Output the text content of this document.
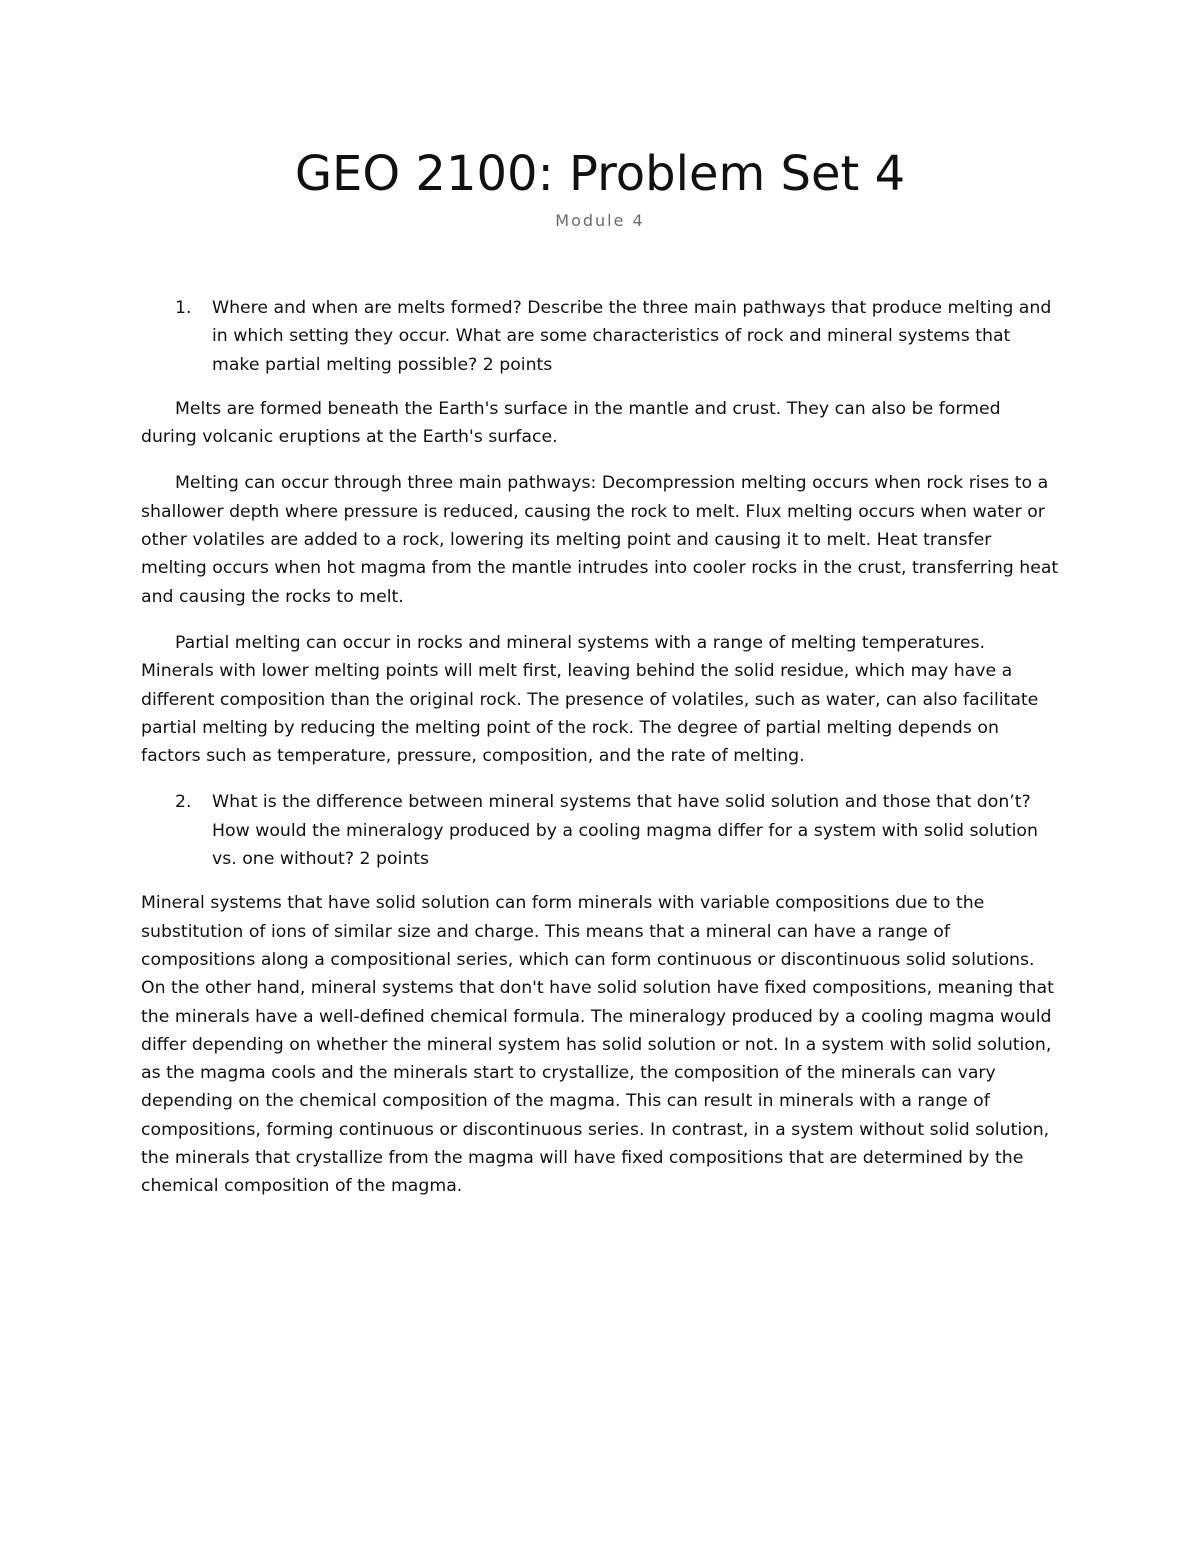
GEO 2100: Problem Set 4
Module 4
1. Where and when are melts formed? Describe the three main pathways that produce melting and in which setting they occur. What are some characteristics of rock and mineral systems that make partial melting possible? 2 points

Melts are formed beneath the Earth's surface in the mantle and crust. They can also be formed during volcanic eruptions at the Earth's surface.

Melting can occur through three main pathways: Decompression melting occurs when rock rises to a shallower depth where pressure is reduced, causing the rock to melt. Flux melting occurs when water or other volatiles are added to a rock, lowering its melting point and causing it to melt. Heat transfer melting occurs when hot magma from the mantle intrudes into cooler rocks in the crust, transferring heat and causing the rocks to melt.

Partial melting can occur in rocks and mineral systems with a range of melting temperatures. Minerals with lower melting points will melt first, leaving behind the solid residue, which may have a different composition than the original rock. The presence of volatiles, such as water, can also facilitate partial melting by reducing the melting point of the rock. The degree of partial melting depends on factors such as temperature, pressure, composition, and the rate of melting.

2. What is the difference between mineral systems that have solid solution and those that don’t? How would the mineralogy produced by a cooling magma differ for a system with solid solution vs. one without? 2 points

Mineral systems that have solid solution can form minerals with variable compositions due to the substitution of ions of similar size and charge. This means that a mineral can have a range of compositions along a compositional series, which can form continuous or discontinuous solid solutions. On the other hand, mineral systems that don't have solid solution have fixed compositions, meaning that the minerals have a well-defined chemical formula. The mineralogy produced by a cooling magma would differ depending on whether the mineral system has solid solution or not. In a system with solid solution, as the magma cools and the minerals start to crystallize, the composition of the minerals can vary depending on the chemical composition of the magma. This can result in minerals with a range of compositions, forming continuous or discontinuous series. In contrast, in a system without solid solution, the minerals that crystallize from the magma will have fixed compositions that are determined by the chemical composition of the magma.
